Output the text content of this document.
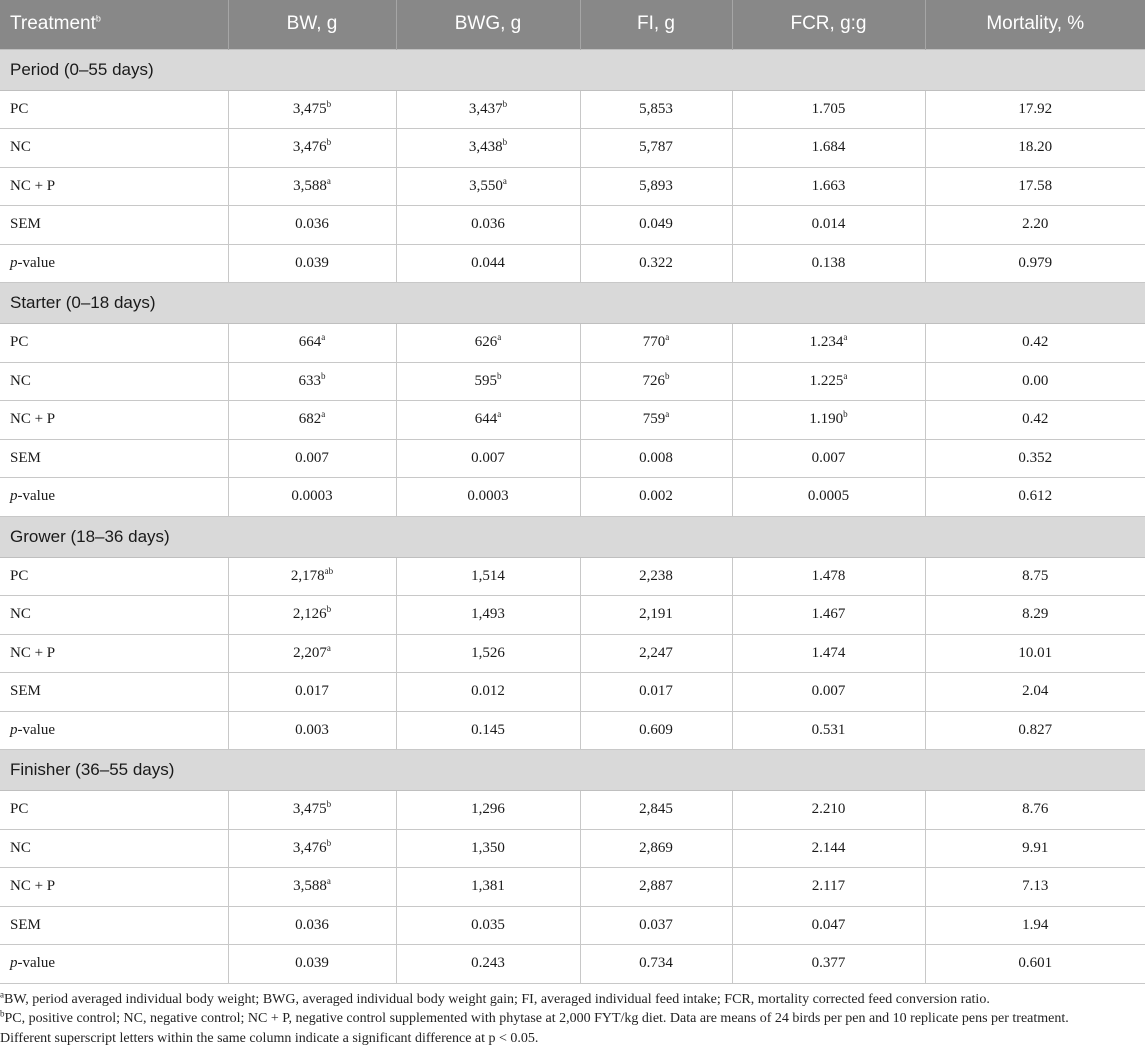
Treatment$^b$	BW, g	BWG, g	FI, g	FCR, g:g	Mortality, %
Period (0–55 days)					
PC	3,475$^b$	3,437$^b$	5,853	1.705	17.92
NC	3,476$^b$	3,438$^b$	5,787	1.684	18.20
NC + P	3,588$^a$	3,550$^a$	5,893	1.663	17.58
SEM	0.036	0.036	0.049	0.014	2.20
p-value	0.039	0.044	0.322	0.138	0.979
Starter (0–18 days)					
PC	664$^a$	626$^a$	770$^a$	1.234$^a$	0.42
NC	633$^b$	595$^b$	726$^b$	1.225$^a$	0.00
NC + P	682$^a$	644$^a$	759$^a$	1.190$^b$	0.42
SEM	0.007	0.007	0.008	0.007	0.352
p-value	0.0003	0.0003	0.002	0.0005	0.612
Grower (18–36 days)					
PC	2,178$^{ab}$	1,514	2,238	1.478	8.75
NC	2,126$^b$	1,493	2,191	1.467	8.29
NC + P	2,207$^a$	1,526	2,247	1.474	10.01
SEM	0.017	0.012	0.017	0.007	2.04
p-value	0.003	0.145	0.609	0.531	0.827
Finisher (36–55 days)					
PC	3,475$^b$	1,296	2,845	2.210	8.76
NC	3,476$^b$	1,350	2,869	2.144	9.91
NC + P	3,588$^a$	1,381	2,887	2.117	7.13
SEM	0.036	0.035	0.037	0.047	1.94
p-value	0.039	0.243	0.734	0.377	0.601

$^a$BW, period averaged individual body weight; BWG, averaged individual body weight gain; FI, averaged individual feed intake; FCR, mortality corrected feed conversion ratio.

$^b$PC, positive control; NC, negative control; NC + P, negative control supplemented with phytase at 2,000 FYT/kg diet. Data are means of 24 birds per pen and 10 replicate pens per treatment.

Different superscript letters within the same column indicate a significant difference at p < 0.05.
